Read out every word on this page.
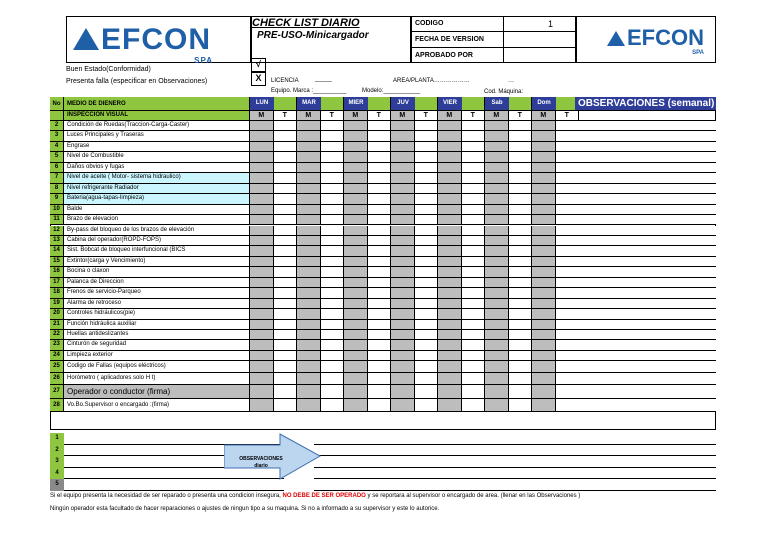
EFCON
SPA
CHECK LIST DIARIO
PRE-USO-Minicargador
CODIGO	1
FECHA DE VERSION
APROBADO POR
EFCON
SPA
Buen Estado(Conformidad)
Presenta falla (especificar en Observaciones)
√
X	LICENCIA	_____	AREA/PLANTA………………	…
Equipo. Marca :__________	Modelo:___________	Cod. Máquina:
No	MEDIO DE DIENERO	LUN	MAR	MIER	JUV	VIER	Sab	Dom	OBSERVACIONES (semanal)
INSPECCION VISUAL	M	T	M	T	M	T	M	T	M	T	M	T	M	T
2	Condición de Ruedas(Traccion-Carga-Caster)
3	Luces Principales y Traseras
4	Engrase
5	Nivel de Combustible
6	Daños obvios y fugas
7	Nivel de aceite ( Motor- sistema hidraulico)
8	Nivel refrigerante Radiador
9	Bateria(agua-tapas-limpieza)
10	Balde
11	Brazo de elevacion
12	By-pass del bloqueo de los brazos de elevación
13	Cabina del operador(ROPD-FOPS)
14	Sist. Bobcat de bloqueo interfuncional (BICS
15	Extintor(carga y Vencimiento)
16	Bocina o claxon
17	Palanca de Direccion
18	Frenos de servicio-Parqueo
19	Alarma de retroceso
20	Controles hidráulicos(pie)
21	Función hidráulica auxiliar
22	Huellas antideslizantes
23	Cinturón de seguridad
24	Limpieza exterior
25	Codigo de Fallas (equipos eléctricos)
26	Horómetro ( aplicadores solo H t)
27 Operador o conductor (firma)
28	Vo.Bo.Supervisor o encargado :(firma)
1
2
3
4
5
OBSERVACIONES
diario
Si el equipo presenta la necesidad de ser reparado o presenta una condicion insegura, NO DEBE DE SER OPERADO y se reportara al supervisor o encargado de area. (llenar en las Observaciones )
Ningún operador esta facultado de hacer reparaciones o ajustes de ningun tipo a su maquina. Si no a informado a su supervisor y este lo autorice.
